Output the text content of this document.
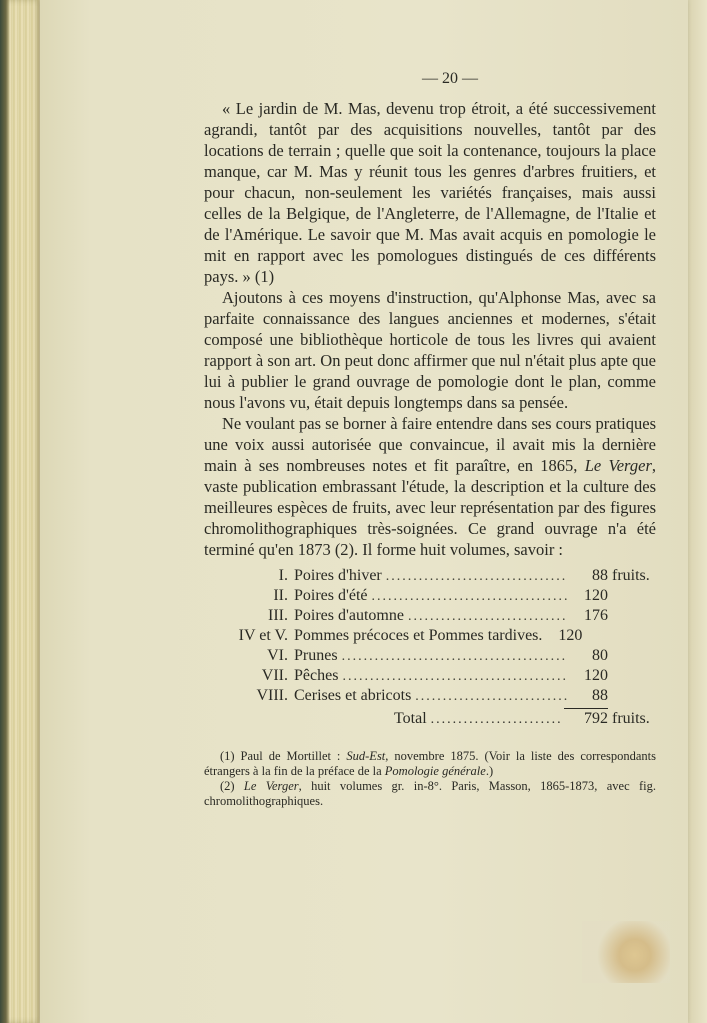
— 20 —

« Le jardin de M. Mas, devenu trop étroit, a été successivement agrandi, tantôt par des acquisitions nouvelles, tantôt par des locations de terrain ; quelle que soit la contenance, toujours la place manque, car M. Mas y réunit tous les genres d'arbres fruitiers, et pour chacun, non-seulement les variétés françaises, mais aussi celles de la Belgique, de l'Angleterre, de l'Allemagne, de l'Italie et de l'Amérique. Le savoir que M. Mas avait acquis en pomologie le mit en rapport avec les pomologues distingués de ces différents pays. » (1)

Ajoutons à ces moyens d'instruction, qu'Alphonse Mas, avec sa parfaite connaissance des langues anciennes et modernes, s'était composé une bibliothèque horticole de tous les livres qui avaient rapport à son art. On peut donc affirmer que nul n'était plus apte que lui à publier le grand ouvrage de pomologie dont le plan, comme nous l'avons vu, était depuis longtemps dans sa pensée.

Ne voulant pas se borner à faire entendre dans ses cours pratiques une voix aussi autorisée que convaincue, il avait mis la dernière main à ses nombreuses notes et fit paraître, en 1865, Le Verger, vaste publication embrassant l'étude, la description et la culture des meilleures espèces de fruits, avec leur représentation par des figures chromolithographiques très-soignées. Ce grand ouvrage n'a été terminé qu'en 1873 (2). Il forme huit volumes, savoir :

I. Poires d'hiver .....	88 fruits.
II. Poires d'été .....	120
III. Poires d'automne .....	176
IV et V. Pommes précoces et Pommes tardives.	120
VI. Prunes .....	80
VII. Pêches .....	120
VIII. Cerises et abricots .....	88
Total .....	792 fruits.

(1) Paul de Mortillet : Sud-Est, novembre 1875. (Voir la liste des correspondants étrangers à la fin de la préface de la Pomologie générale.)

(2) Le Verger, huit volumes gr. in-8°. Paris, Masson, 1865-1873, avec fig. chromolithographiques.
